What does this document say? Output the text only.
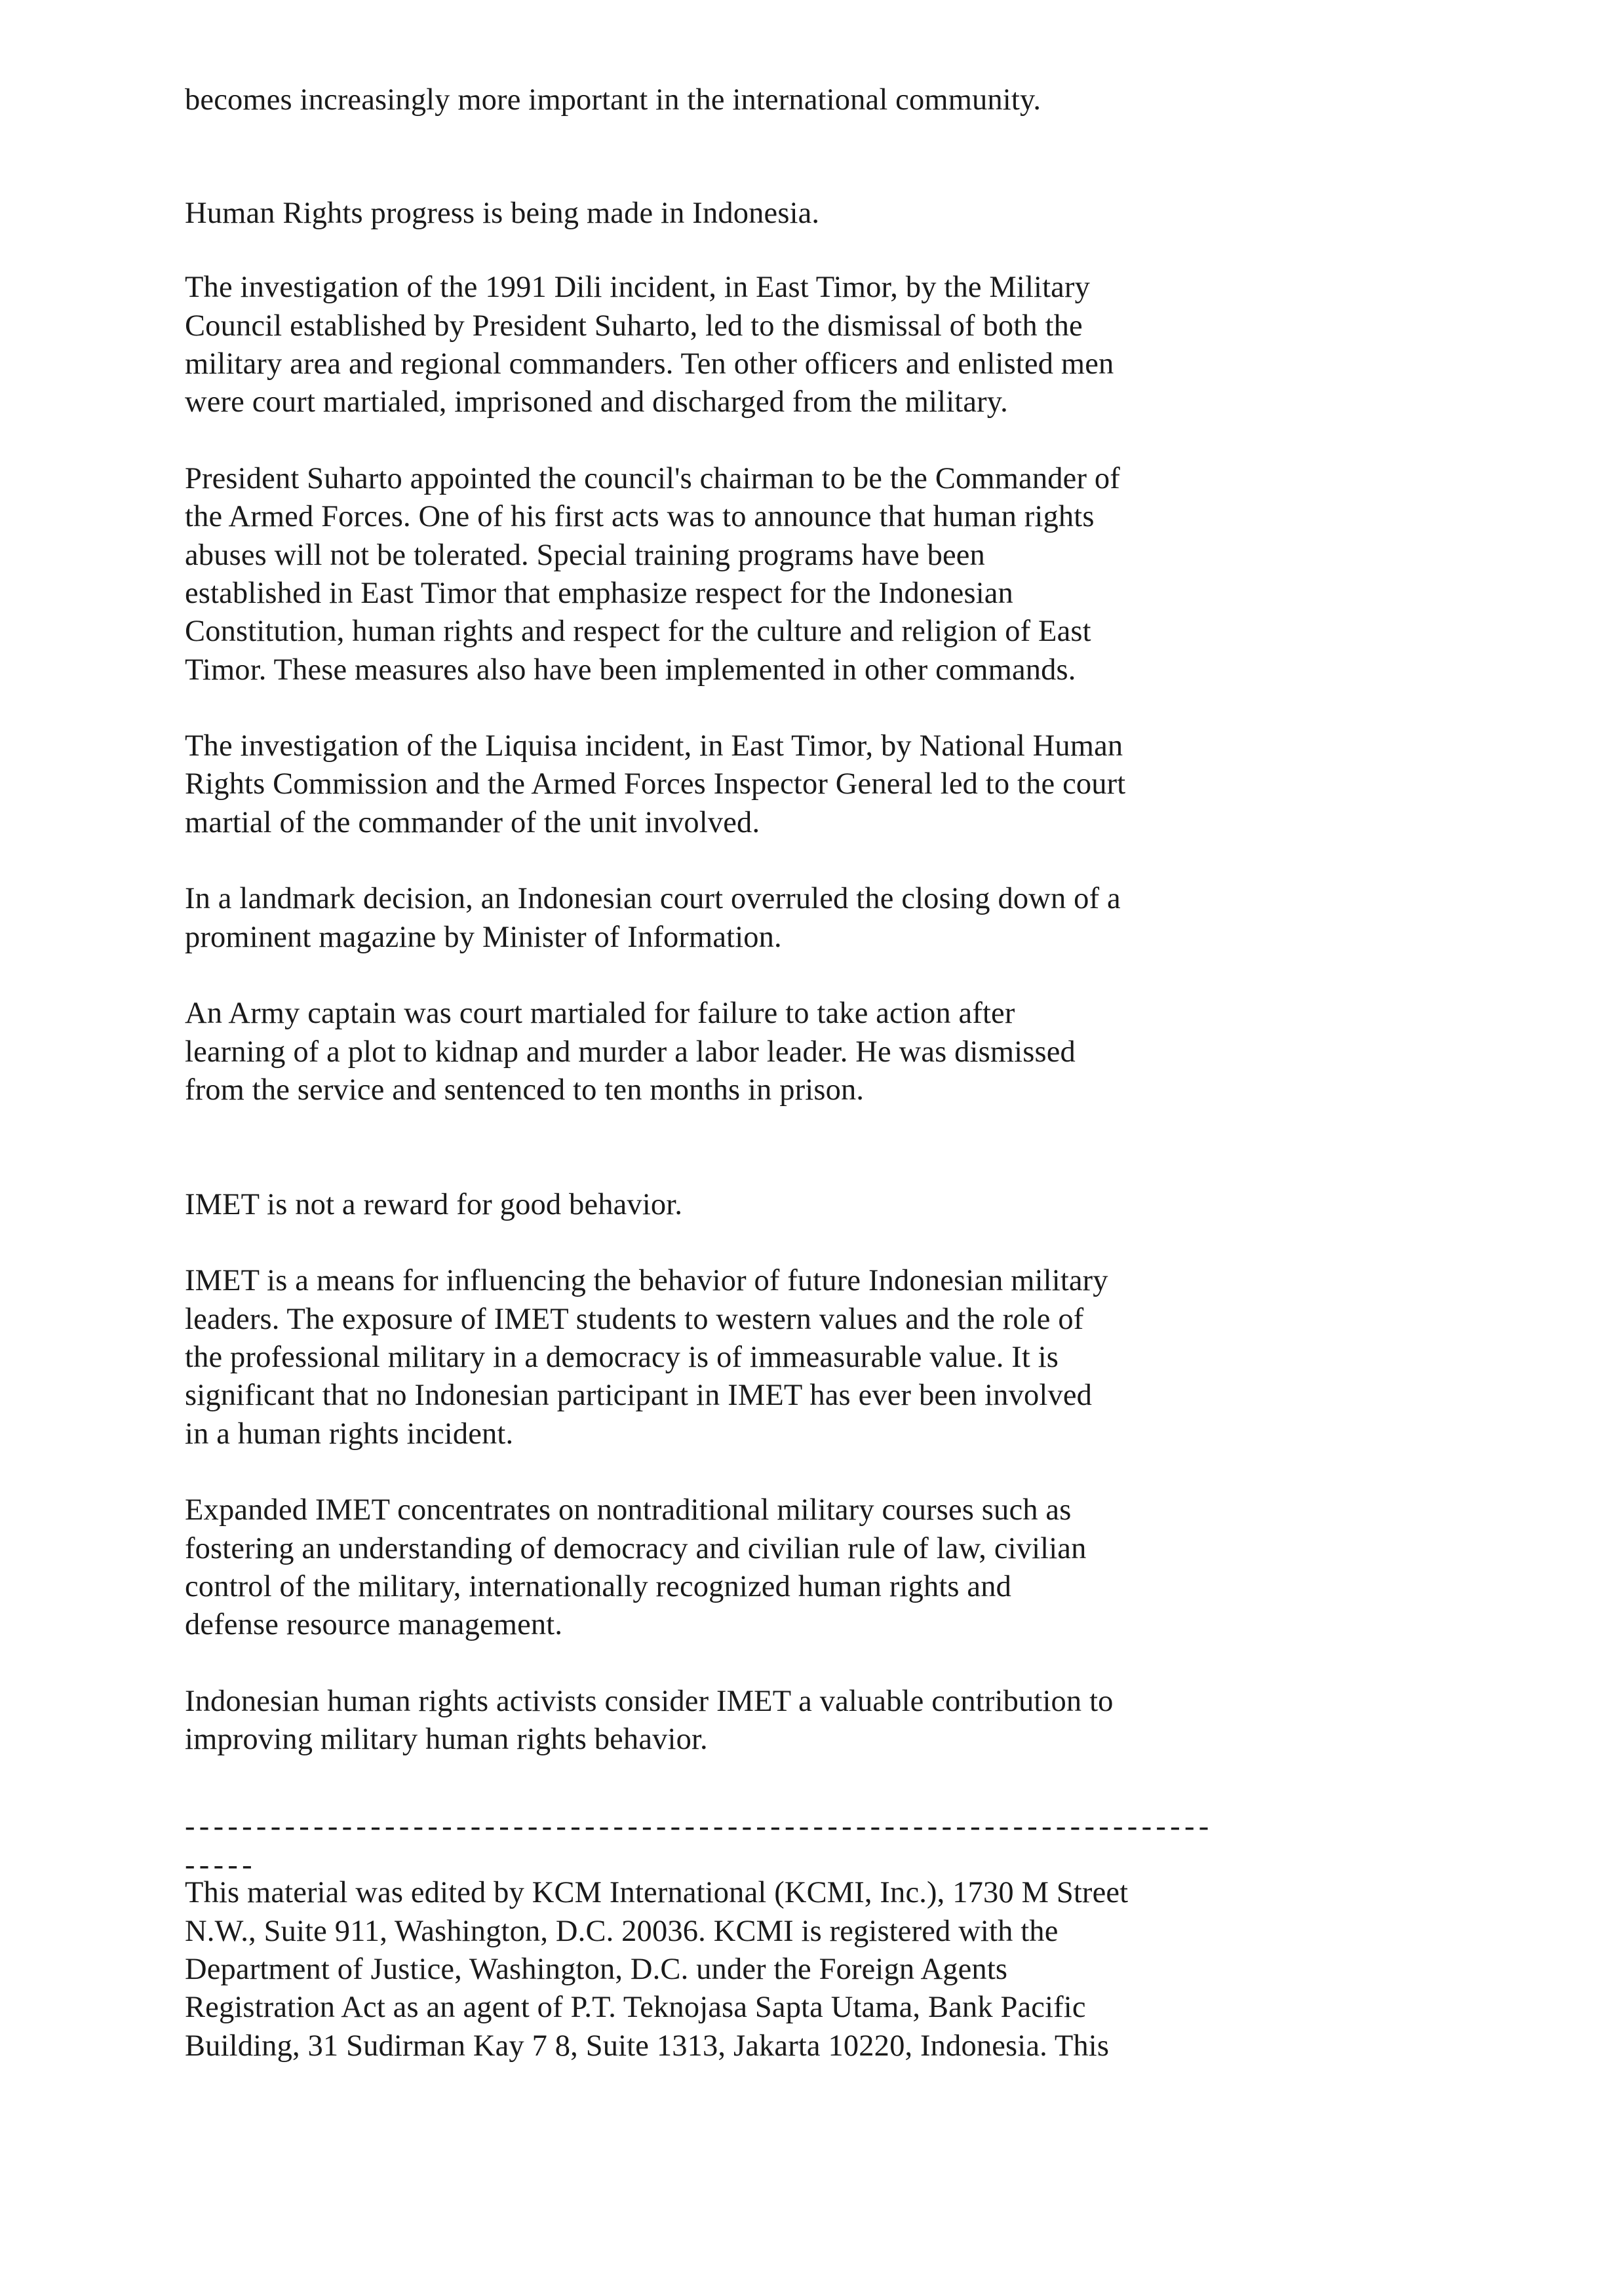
becomes increasingly more important in the international community.
Human Rights progress is being made in Indonesia.
The investigation of the 1991 Dili incident, in East Timor, by the Military
Council established by President Suharto, led to the dismissal of both the
military area and regional commanders. Ten other officers and enlisted men
were court martialed, imprisoned and discharged from the military.
President Suharto appointed the council's chairman to be the Commander of
the Armed Forces. One of his first acts was to announce that human rights
abuses will not be tolerated. Special training programs have been
established in East Timor that emphasize respect for the Indonesian
Constitution, human rights and respect for the culture and religion of East
Timor. These measures also have been implemented in other commands.
The investigation of the Liquisa incident, in East Timor, by National Human
Rights Commission and the Armed Forces Inspector General led to the court
martial of the commander of the unit involved.
In a landmark decision, an Indonesian court overruled the closing down of a
prominent magazine by Minister of Information.
An Army captain was court martialed for failure to take action after
learning of a plot to kidnap and murder a labor leader. He was dismissed
from the service and sentenced to ten months in prison.
IMET is not a reward for good behavior.
IMET is a means for influencing the behavior of future Indonesian military
leaders. The exposure of IMET students to western values and the role of
the professional military in a democracy is of immeasurable value. It is
significant that no Indonesian participant in IMET has ever been involved
in a human rights incident.
Expanded IMET concentrates on nontraditional military courses such as
fostering an understanding of democracy and civilian rule of law, civilian
control of the military, internationally recognized human rights and
defense resource management.
Indonesian human rights activists consider IMET a valuable contribution to
improving military human rights behavior.
------------------------------------------------------------------------
-----
This material was edited by KCM International (KCMI, Inc.), 1730 M Street
N.W., Suite 911, Washington, D.C. 20036. KCMI is registered with the
Department of Justice, Washington, D.C. under the Foreign Agents
Registration Act as an agent of P.T. Teknojasa Sapta Utama, Bank Pacific
Building, 31 Sudirman Kay 7 8, Suite 1313, Jakarta 10220, Indonesia. This
